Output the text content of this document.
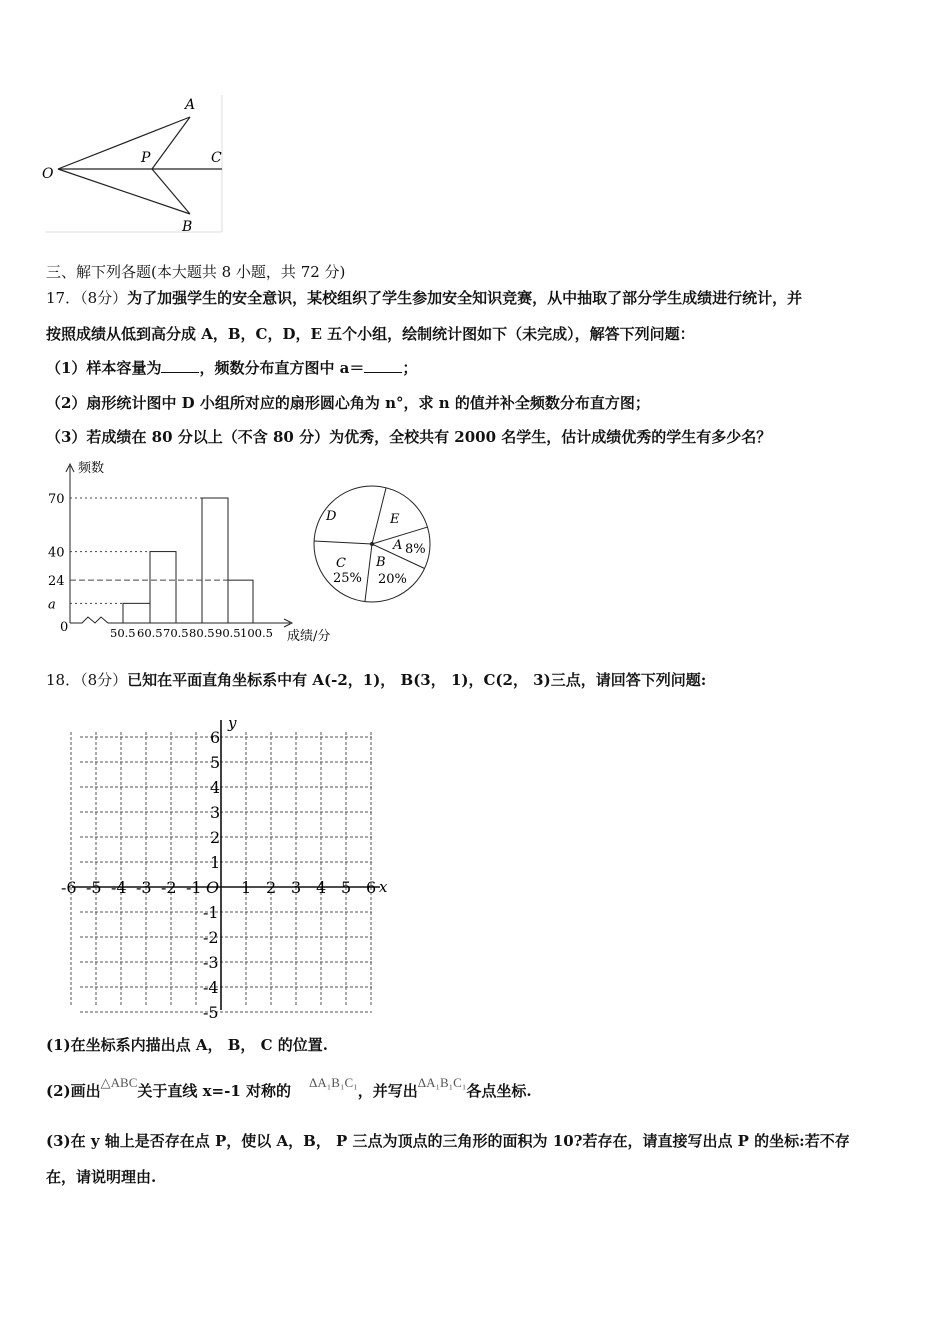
O
A
P	C
B
三、解下列各题(本大题共 8 小题，共 72 分)
17．（8分）为了加强学生的安全意识，某校组织了学生参加安全知识竞赛，从中抽取了部分学生成绩进行统计，并
按照成绩从低到高分成 A，B，C，D，E 五个小组，绘制统计图如下（未完成），解答下列问题：
（1）样本容量为	，频数分布直方图中 a＝	；
（2）扇形统计图中 D 小组所对应的扇形圆心角为 n°，求 n 的值并补全频数分布直方图；
（3）若成绩在 80 分以上（不含 80 分）为优秀，全校共有 2000 名学生，估计成绩优秀的学生有多少名？
频数
成绩/分
0
a
24
40
70
50.5 60.5 70.5 80.5 90.5 100.5
A 8%
B
20%
C
25%
D	E
18．（8分）已知在平面直角坐标系中有 A(-2，1)， B(3， 1)，C(2， 3)三点，请回答下列问题:
x
y
O
-6 -5 -4 -3 -2 -1 1 2 3 4 5 6
6
5
4
3
2
1
-1
-2
-3
-4
-5
(1)在坐标系内描出点 A， B， C 的位置.
(2)画出△ABC关于直线 x=-1 对称的 ΔA₁B₁C₁，并写出ΔA₁B₁C₁各点坐标.
(3)在 y 轴上是否存在点 P，使以 A，B， P 三点为顶点的三角形的面积为 10?若存在，请直接写出点 P 的坐标:若不存
在，请说明理由.
